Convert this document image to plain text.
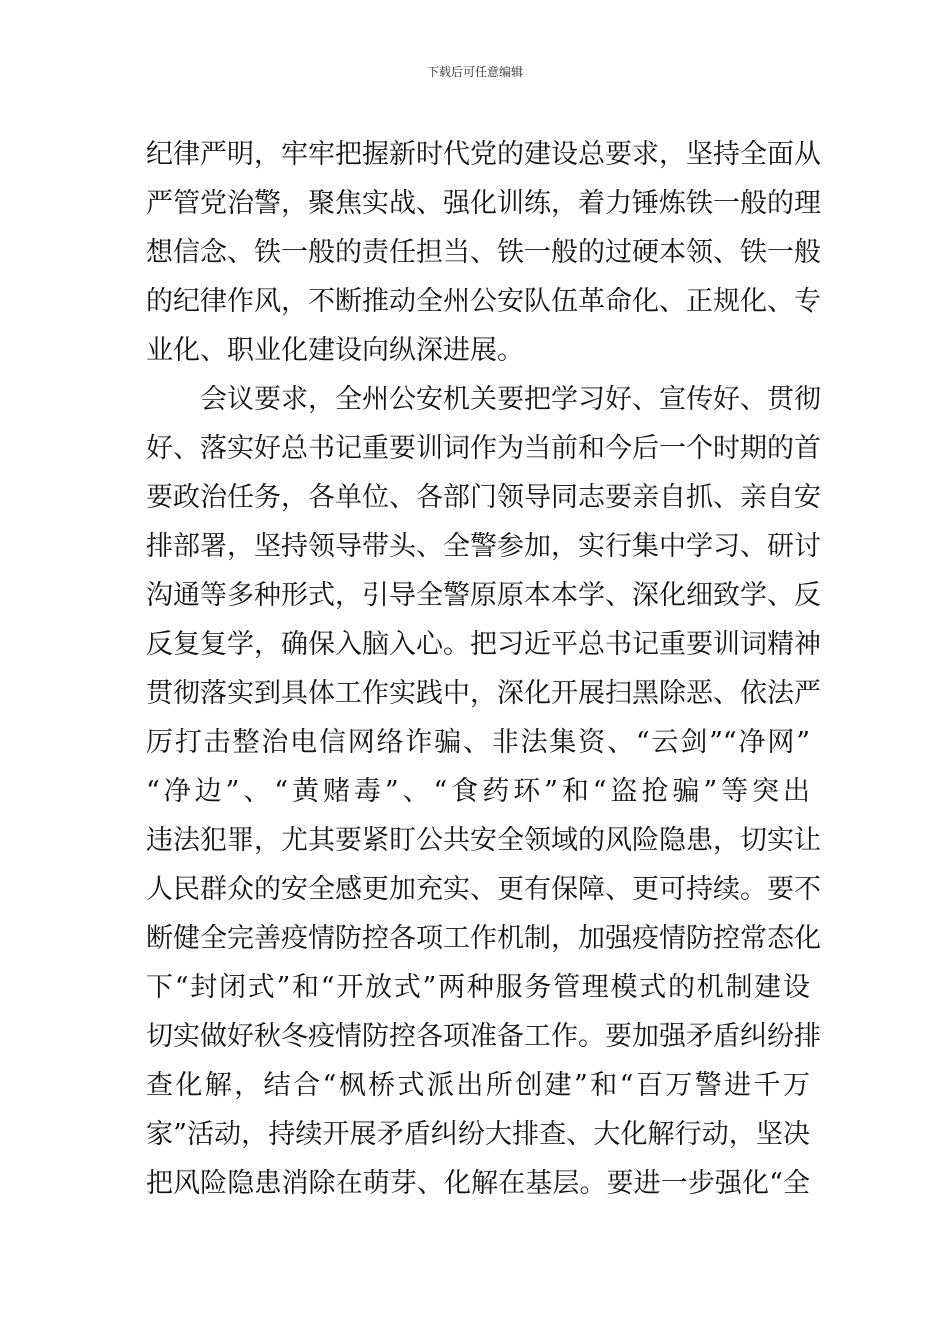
下载后可任意编辑
纪律严明，牢牢把握新时代党的建设总要求，坚持全面从
严管党治警，聚焦实战、强化训练，着力锤炼铁一般的理
想信念、铁一般的责任担当、铁一般的过硬本领、铁一般
的纪律作风，不断推动全州公安队伍革命化、正规化、专
业化、职业化建设向纵深进展。
会议要求，全州公安机关要把学习好、宣传好、贯彻
好、落实好总书记重要训词作为当前和今后一个时期的首
要政治任务，各单位、各部门领导同志要亲自抓、亲自安
排部署，坚持领导带头、全警参加，实行集中学习、研讨
沟通等多种形式，引导全警原原本本学、深化细致学、反
反复复学，确保入脑入心。把习近平总书记重要训词精神
贯彻落实到具体工作实践中，深化开展扫黑除恶、依法严
厉打击整治电信网络诈骗、非法集资、“云剑”“净网”
“净边”、“黄赌毒”、“食药环”和“盗抢骗”等突出
违法犯罪，尤其要紧盯公共安全领域的风险隐患，切实让
人民群众的安全感更加充实、更有保障、更可持续。要不
断健全完善疫情防控各项工作机制，加强疫情防控常态化
下“封闭式”和“开放式”两种服务管理模式的机制建设
切实做好秋冬疫情防控各项准备工作。要加强矛盾纠纷排
查化解，结合“枫桥式派出所创建”和“百万警进千万
家”活动，持续开展矛盾纠纷大排查、大化解行动，坚决
把风险隐患消除在萌芽、化解在基层。要进一步强化“全
